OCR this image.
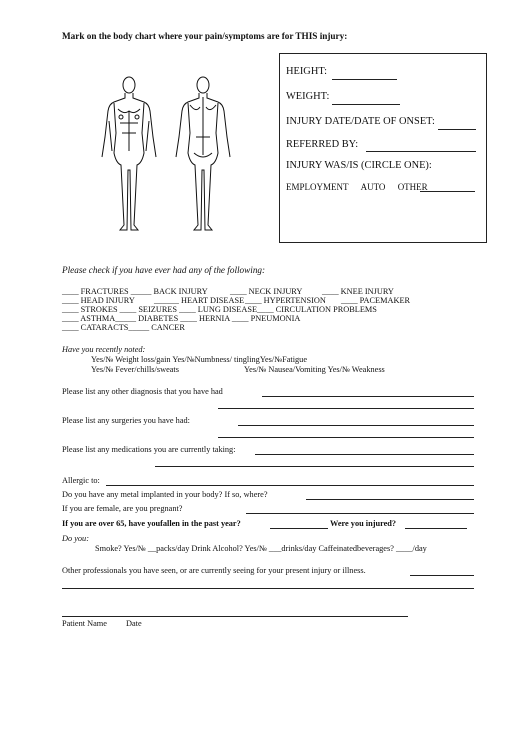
Mark on the body chart where your pain/symptoms are for THIS injury:
HEIGHT:
WEIGHT:
INJURY DATE/DATE OF ONSET:
REFERRED BY:
INJURY WAS/IS (CIRCLE ONE):
EMPLOYMENT AUTO OTHER
Please check if you have ever had any of the following:
____ FRACTURES _____ BACK INJURY	____ NECK INJURY ____ KNEE INJURY
____ HEAD INJURY ______ HEART DISEASE ____ HYPERTENSION ____ PACEMAKER
____ STROKES ____ SEIZURES ____ LUNG DISEASE____ CIRCULATION PROBLEMS
____ ASTHMA_____ DIABETES ____ HERNIA ____ PNEUMONIA
____ CATARACTS_____ CANCER
Have you recently noted:
Yes/№ Weight loss/gain Yes/№Numbness/ tinglingYes/№Fatigue
Yes/№ Fever/chills/sweats	Yes/№ Nausea/Vomiting Yes/№ Weakness
Please list any other diagnosis that you have had
Please list any surgeries you have had:
Please list any medications you are currently taking:
Allergic to:
Do you have any metal implanted in your body? If so, where?
If you are female, are you pregnant?
If you are over 65, have youfallen in the past year?	Were you injured?
Do you:
Smoke? Yes/№ __packs/day Drink Alcohol? Yes/№ ___drinks/day Caffeinatedbeverages? ____/day
Other professionals you have seen, or are currently seeing for your present injury or illness.
Patient Name Date
